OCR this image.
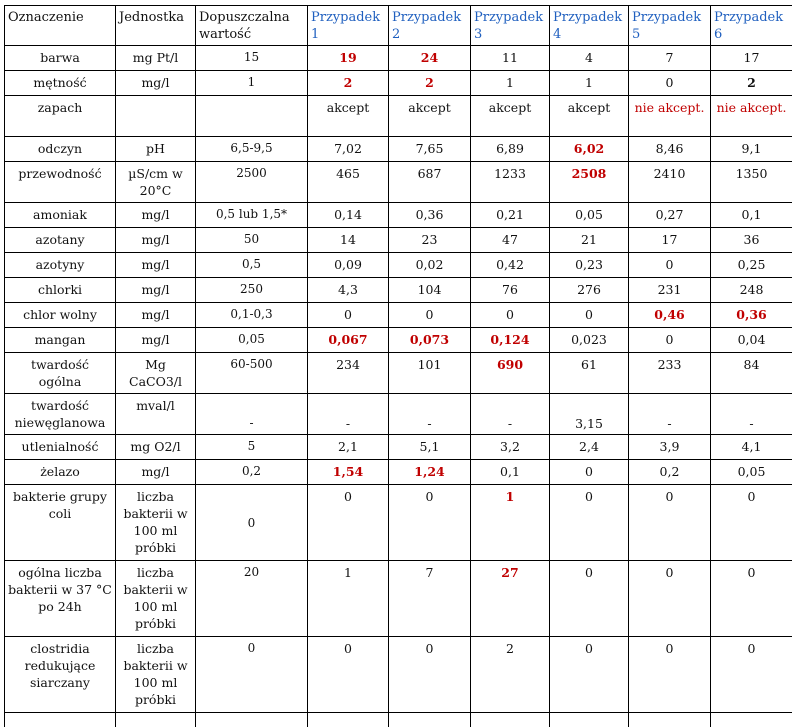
Oznaczenie	Jednostka	Dopuszczalna wartość	Przypadek 1	Przypadek 2	Przypadek 3	Przypadek 4	Przypadek 5	Przypadek 6
barwa	mg Pt/l	15	19	24	11	4	7	17
mętność	mg/l	1	2	2	1	1	0	2
zapach			akcept	akcept	akcept	akcept	nie akcept.	nie akcept.
odczyn	pH	6,5-9,5	7,02	7,65	6,89	6,02	8,46	9,1
przewodność	µS/cm w 20°C	2500	465	687	1233	2508	2410	1350
amoniak	mg/l	0,5 lub 1,5*	0,14	0,36	0,21	0,05	0,27	0,1
azotany	mg/l	50	14	23	47	21	17	36
azotyny	mg/l	0,5	0,09	0,02	0,42	0,23	0	0,25
chlorki	mg/l	250	4,3	104	76	276	231	248
chlor wolny	mg/l	0,1-0,3	0	0	0	0	0,46	0,36
mangan	mg/l	0,05	0,067	0,073	0,124	0,023	0	0,04
twardość ogólna	Mg CaCO3/l	60-500	234	101	690	61	233	84
twardość niewęglanowa	mval/l	-	-	-	-	3,15	-	-
utlenialność	mg O2/l	5	2,1	5,1	3,2	2,4	3,9	4,1
żelazo	mg/l	0,2	1,54	1,24	0,1	0	0,2	0,05
bakterie grupy coli	liczba bakterii w 100 ml próbki	0	0	0	1	0	0	0
ogólna liczba bakterii w 37 °C po 24h	liczba bakterii w 100 ml próbki	20	1	7	27	0	0	0
clostridia redukujące siarczany	liczba bakterii w 100 ml próbki	0	0	0	2	0	0	0
